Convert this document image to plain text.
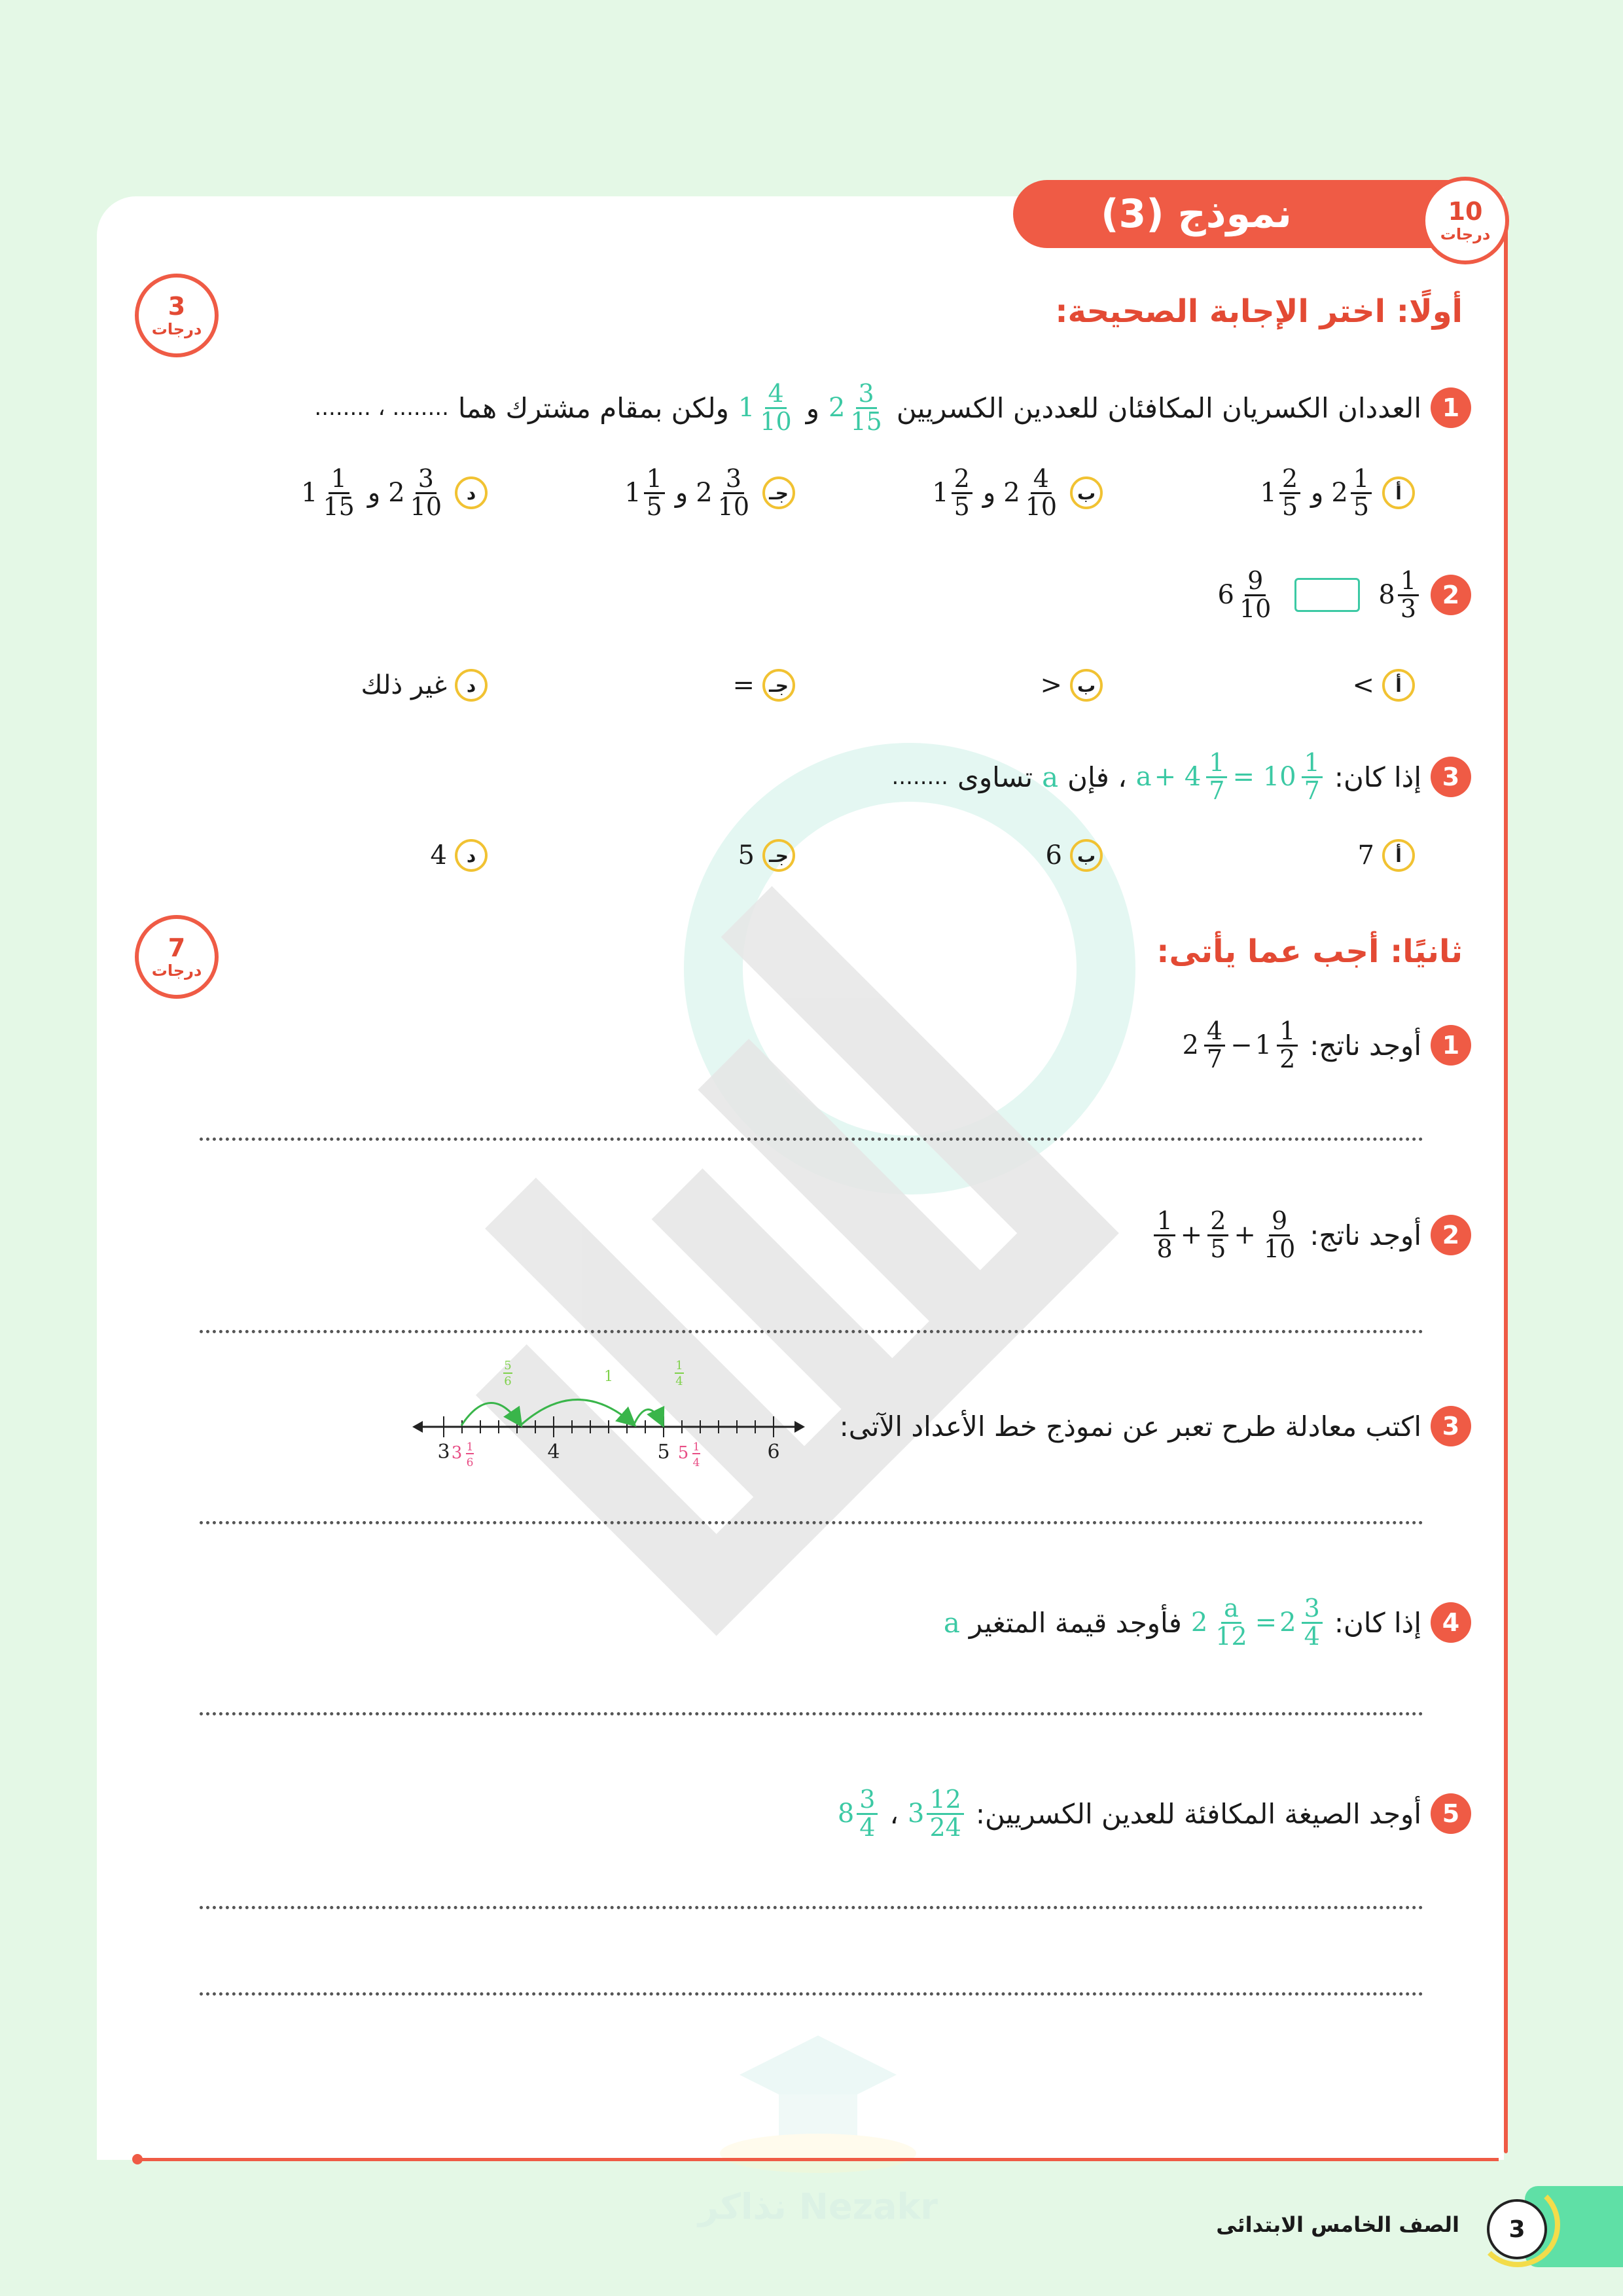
نموذج (3)	10
درجات
3
درجات	أولًا: اختر الإجابة الصحيحة:
1
العددان الكسريان المكافئان للعددين الكسريين
$2 \frac{3}{15}$
و
$1 \frac{4}{10}$
ولكن بمقام مشترك هما
........ ، ........
أ
$2 \frac{1}{5}$
و
$1 \frac{2}{5}$
ب
$2 \frac{4}{10}$
و
$1 \frac{2}{5}$
جـ
$2 \frac{3}{10}$
و
$1 \frac{1}{5}$
د
$2 \frac{3}{10}$
و
$1 \frac{1}{15}$
2
$8 \frac{1}{3}$
$6 \frac{9}{10}$
أ
>
ب
<
جـ
=
د
غير ذلك
3
إذا كان:
$a + 4 \frac{1}{7} = 10 \frac{1}{7}$
، فإن
a
تساوى
........
أ
7
ب
6
جـ
5
د
4
7
درجات
ثانيًا: أجب عما يأتى:
1
أوجد ناتج:
$2 \frac{4}{7} - 1 \frac{1}{2}$
2
أوجد ناتج:
$\frac{1}{8} + \frac{2}{5} + \frac{9}{10}$
3
اكتب معادلة طرح تعبر عن نموذج خط الأعداد الآتى:
5
6	1
1
4
3	4	5	6
3 1
6	5 1
4
4
إذا كان:
$2 \frac{a}{12} = 2 \frac{3}{4}$
فأوجد قيمة المتغير
a
5
أوجد الصيغة المكافئة للعدين الكسريين:
$3 \frac{12}{24}$
،
$8 \frac{3}{4}$
Nezakr نذاكر
3
الصف الخامس الابتدائى
